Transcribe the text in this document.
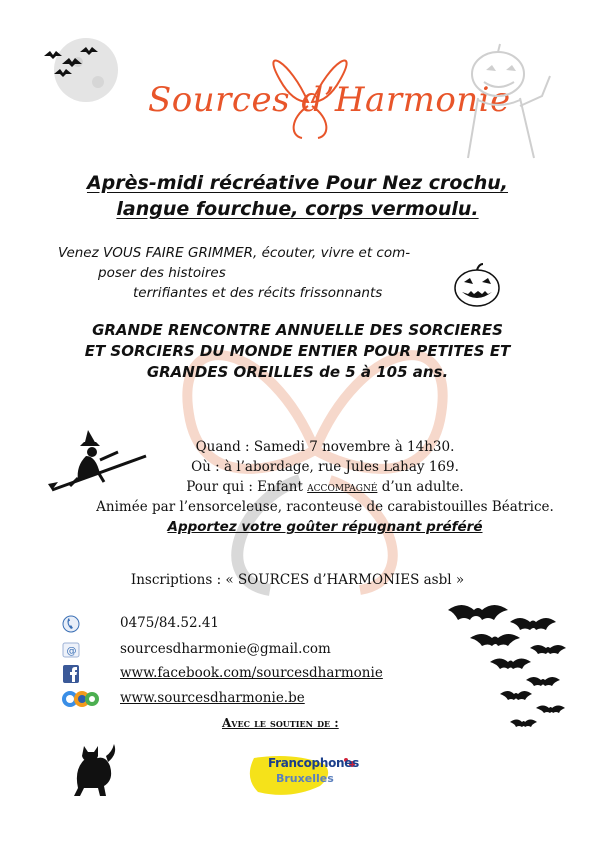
Sources d’Harmonie
Après-midi récréative Pour Nez crochu,
langue fourchue, corps vermoulu.
Venez VOUS FAIRE GRIMMER, écouter, vivre et com-
poser des histoires
terrifiantes et des récits frissonnants
GRANDE RENCONTRE ANNUELLE DES SORCIERES
ET SORCIERS DU MONDE ENTIER POUR PETITES ET
GRANDES OREILLES de 5 à 105 ans.
Quand : Samedi 7 novembre à 14h30.
Où : à l’abordage, rue Jules Lahay 169.
Pour qui : Enfant accompagné d’un adulte.
Animée par l’ensorceleuse, raconteuse de carabistouilles Béatrice.
Apportez votre goûter répugnant préféré
Inscriptions : « SOURCES d’HARMONIES asbl »
0475/84.52.41
@	sourcesdharmonie@gmail.com
www.facebook.com/sourcesdharmonie
www.sourcesdharmonie.be
Avec le soutien de :
Francophones
Bruxelles
